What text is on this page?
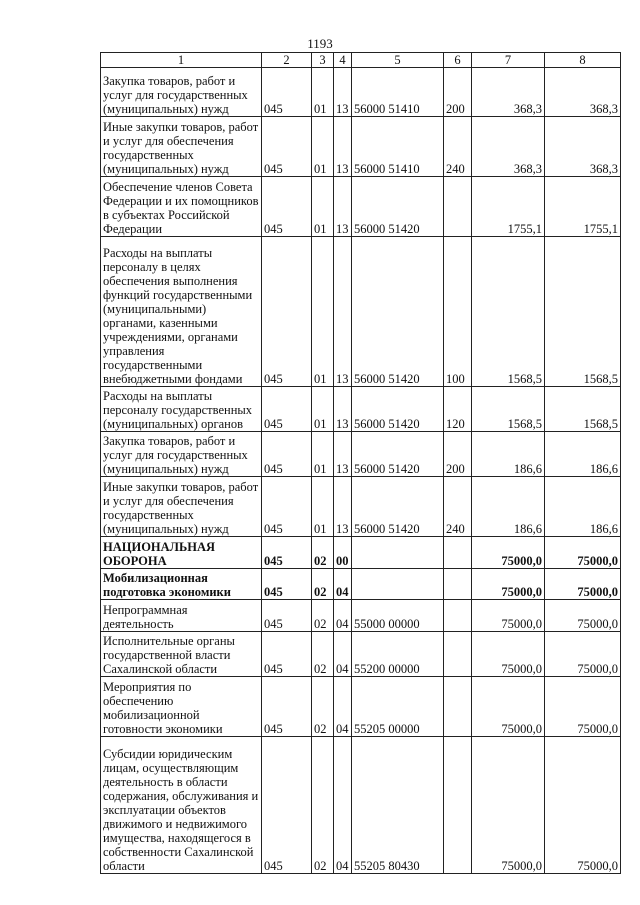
1193
1	2	3	4	5	6	7	8
Закупка товаров, работ и услуг для государственных (муниципальных) нужд	045	01	13	56000 51410	200	368,3	368,3
Иные закупки товаров, работ и услуг для обеспечения государственных (муниципальных) нужд	045	01	13	56000 51410	240	368,3	368,3
Обеспечение членов Совета Федерации и их помощников в субъектах Российской Федерации	045	01	13	56000 51420		1755,1	1755,1
Расходы на выплаты персоналу в целях обеспечения выполнения функций государственными (муниципальными) органами, казенными учреждениями, органами управления государственными внебюджетными фондами	045	01	13	56000 51420	100	1568,5	1568,5
Расходы на выплаты персоналу государственных (муниципальных) органов	045	01	13	56000 51420	120	1568,5	1568,5
Закупка товаров, работ и услуг для государственных (муниципальных) нужд	045	01	13	56000 51420	200	186,6	186,6
Иные закупки товаров, работ и услуг для обеспечения государственных (муниципальных) нужд	045	01	13	56000 51420	240	186,6	186,6
НАЦИОНАЛЬНАЯ ОБОРОНА	045	02	00			75000,0	75000,0
Мобилизационная подготовка экономики	045	02	04			75000,0	75000,0
Непрограммная деятельность	045	02	04	55000 00000		75000,0	75000,0
Исполнительные органы государственной власти Сахалинской области	045	02	04	55200 00000		75000,0	75000,0
Мероприятия по обеспечению мобилизационной готовности экономики	045	02	04	55205 00000		75000,0	75000,0
Субсидии юридическим лицам, осуществляющим деятельность в области содержания, обслуживания и эксплуатации объектов движимого и недвижимого имущества, находящегося в собственности Сахалинской области	045	02	04	55205 80430		75000,0	75000,0
